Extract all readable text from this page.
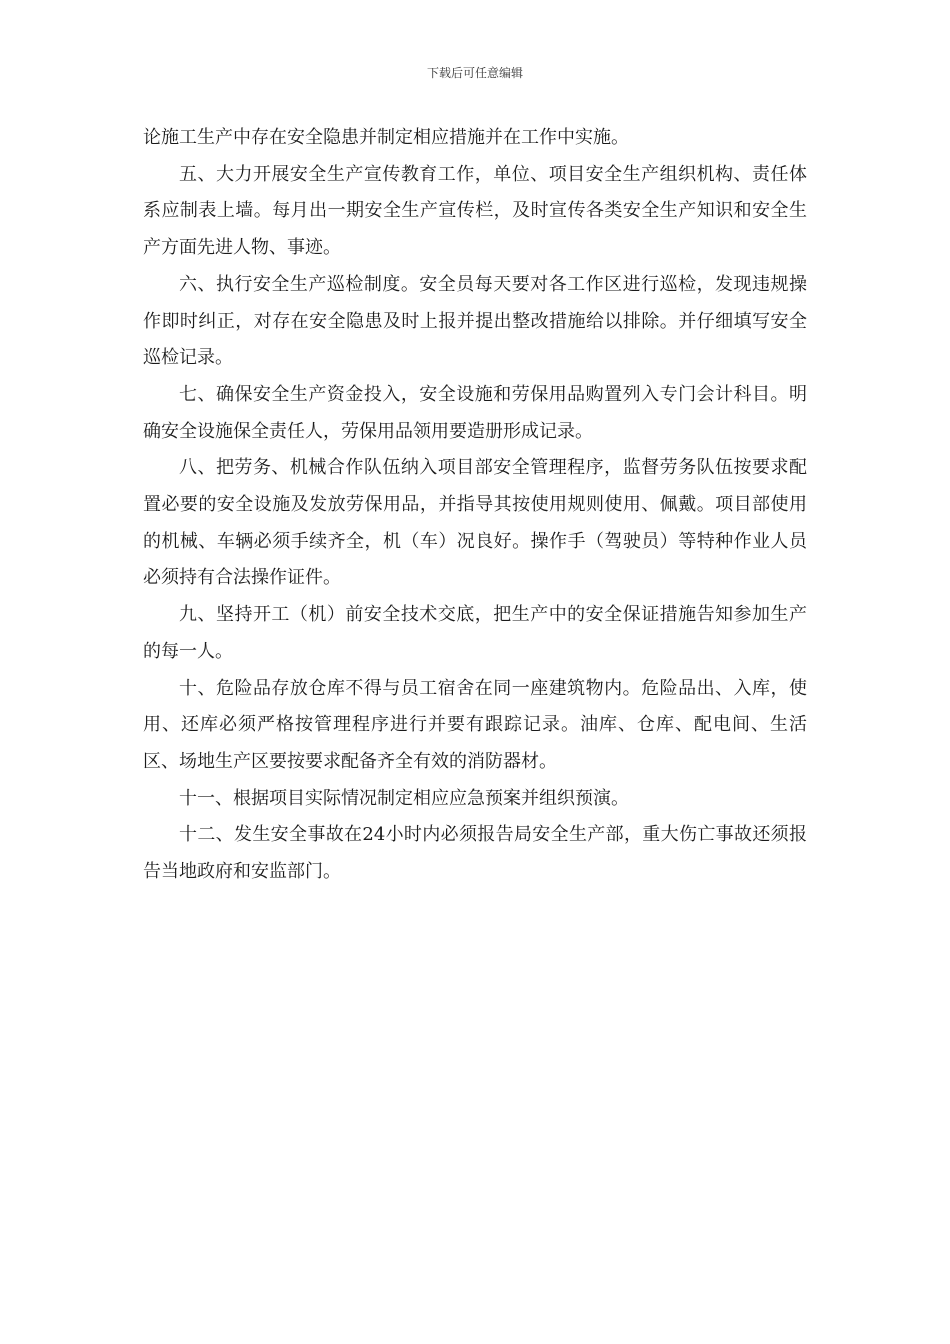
下载后可任意编辑

论施工生产中存在安全隐患并制定相应措施并在工作中实施。

五、大力开展安全生产宣传教育工作，单位、项目安全生产组织机构、责任体系应制表上墙。每月出一期安全生产宣传栏，及时宣传各类安全生产知识和安全生产方面先进人物、事迹。

六、执行安全生产巡检制度。安全员每天要对各工作区进行巡检，发现违规操作即时纠正，对存在安全隐患及时上报并提出整改措施给以排除。并仔细填写安全巡检记录。

七、确保安全生产资金投入，安全设施和劳保用品购置列入专门会计科目。明确安全设施保全责任人，劳保用品领用要造册形成记录。

八、把劳务、机械合作队伍纳入项目部安全管理程序，监督劳务队伍按要求配置必要的安全设施及发放劳保用品，并指导其按使用规则使用、佩戴。项目部使用的机械、车辆必须手续齐全，机（车）况良好。操作手（驾驶员）等特种作业人员必须持有合法操作证件。

九、坚持开工（机）前安全技术交底，把生产中的安全保证措施告知参加生产的每一人。

十、危险品存放仓库不得与员工宿舍在同一座建筑物内。危险品出、入库，使用、还库必须严格按管理程序进行并要有跟踪记录。油库、仓库、配电间、生活区、场地生产区要按要求配备齐全有效的消防器材。

十一、根据项目实际情况制定相应应急预案并组织预演。

十二、发生安全事故在24小时内必须报告局安全生产部，重大伤亡事故还须报告当地政府和安监部门。
